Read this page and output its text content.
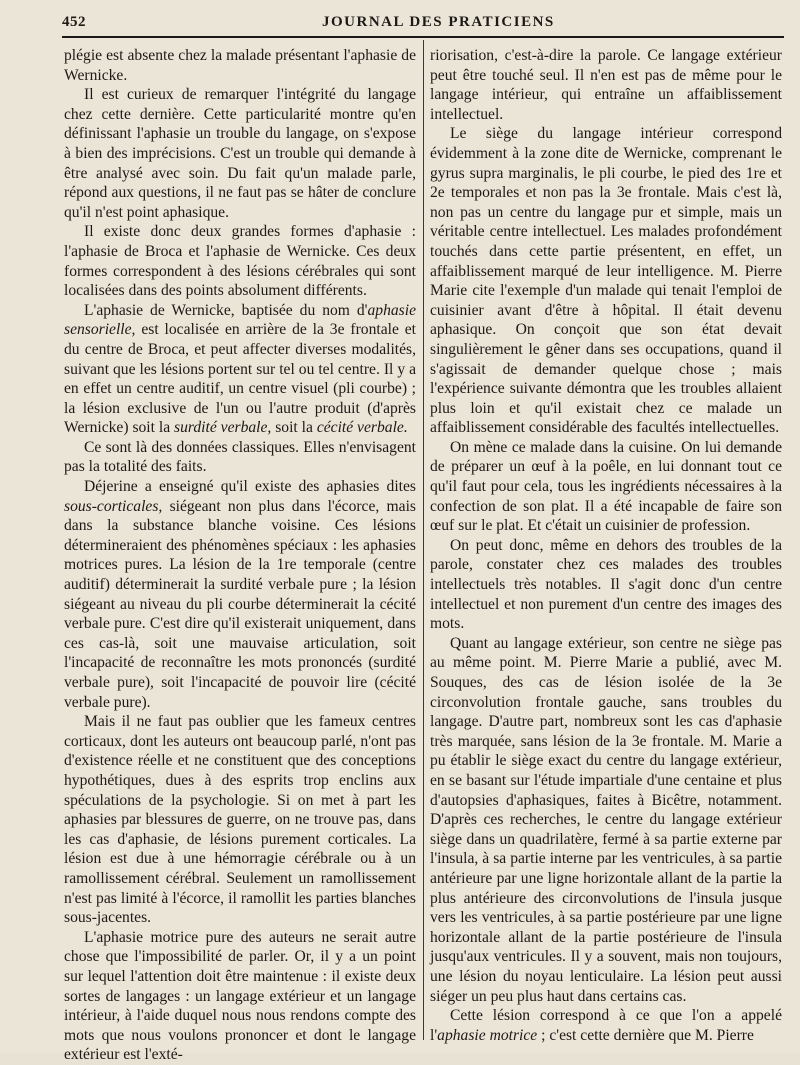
452	JOURNAL DES PRATICIENS

plégie est absente chez la malade présentant l'aphasie de Wernicke.

Il est curieux de remarquer l'intégrité du langage chez cette dernière. Cette particularité montre qu'en définissant l'aphasie un trouble du langage, on s'expose à bien des imprécisions. C'est un trouble qui demande à être analysé avec soin. Du fait qu'un malade parle, répond aux questions, il ne faut pas se hâter de conclure qu'il n'est point aphasique.

Il existe donc deux grandes formes d'aphasie : l'aphasie de Broca et l'aphasie de Wernicke. Ces deux formes correspondent à des lésions cérébrales qui sont localisées dans des points absolument différents.

L'aphasie de Wernicke, baptisée du nom d'aphasie sensorielle, est localisée en arrière de la 3e frontale et du centre de Broca, et peut affecter diverses modalités, suivant que les lésions portent sur tel ou tel centre. Il y a en effet un centre auditif, un centre visuel (pli courbe) ; la lésion exclusive de l'un ou l'autre produit (d'après Wernicke) soit la surdité verbale, soit la cécité verbale.

Ce sont là des données classiques. Elles n'envisagent pas la totalité des faits.

Déjerine a enseigné qu'il existe des aphasies dites sous-corticales, siégeant non plus dans l'écorce, mais dans la substance blanche voisine. Ces lésions détermineraient des phénomènes spéciaux : les aphasies motrices pures. La lésion de la 1re temporale (centre auditif) déterminerait la surdité verbale pure ; la lésion siégeant au niveau du pli courbe déterminerait la cécité verbale pure. C'est dire qu'il existerait uniquement, dans ces cas-là, soit une mauvaise articulation, soit l'incapacité de reconnaître les mots prononcés (surdité verbale pure), soit l'incapacité de pouvoir lire (cécité verbale pure).

Mais il ne faut pas oublier que les fameux centres corticaux, dont les auteurs ont beaucoup parlé, n'ont pas d'existence réelle et ne constituent que des conceptions hypothétiques, dues à des esprits trop enclins aux spéculations de la psychologie. Si on met à part les aphasies par blessures de guerre, on ne trouve pas, dans les cas d'aphasie, de lésions purement corticales. La lésion est due à une hémorragie cérébrale ou à un ramollissement cérébral. Seulement un ramollissement n'est pas limité à l'écorce, il ramollit les parties blanches sous-jacentes.

L'aphasie motrice pure des auteurs ne serait autre chose que l'impossibilité de parler. Or, il y a un point sur lequel l'attention doit être maintenue : il existe deux sortes de langages : un langage extérieur et un langage intérieur, à l'aide duquel nous nous rendons compte des mots que nous voulons prononcer et dont le langage extérieur est l'exté-

riorisation, c'est-à-dire la parole. Ce langage extérieur peut être touché seul. Il n'en est pas de même pour le langage intérieur, qui entraîne un affaiblissement intellectuel.

Le siège du langage intérieur correspond évidemment à la zone dite de Wernicke, comprenant le gyrus supra marginalis, le pli courbe, le pied des 1re et 2e temporales et non pas la 3e frontale. Mais c'est là, non pas un centre du langage pur et simple, mais un véritable centre intellectuel. Les malades profondément touchés dans cette partie présentent, en effet, un affaiblissement marqué de leur intelligence. M. Pierre Marie cite l'exemple d'un malade qui tenait l'emploi de cuisinier avant d'être à hôpital. Il était devenu aphasique. On conçoit que son état devait singulièrement le gêner dans ses occupations, quand il s'agissait de demander quelque chose ; mais l'expérience suivante démontra que les troubles allaient plus loin et qu'il existait chez ce malade un affaiblissement considérable des facultés intellectuelles.

On mène ce malade dans la cuisine. On lui demande de préparer un œuf à la poêle, en lui donnant tout ce qu'il faut pour cela, tous les ingrédients nécessaires à la confection de son plat. Il a été incapable de faire son œuf sur le plat. Et c'était un cuisinier de profession.

On peut donc, même en dehors des troubles de la parole, constater chez ces malades des troubles intellectuels très notables. Il s'agit donc d'un centre intellectuel et non purement d'un centre des images des mots.

Quant au langage extérieur, son centre ne siège pas au même point. M. Pierre Marie a publié, avec M. Souques, des cas de lésion isolée de la 3e circonvolution frontale gauche, sans troubles du langage. D'autre part, nombreux sont les cas d'aphasie très marquée, sans lésion de la 3e frontale. M. Marie a pu établir le siège exact du centre du langage extérieur, en se basant sur l'étude impartiale d'une centaine et plus d'autopsies d'aphasiques, faites à Bicêtre, notamment. D'après ces recherches, le centre du langage extérieur siège dans un quadrilatère, fermé à sa partie externe par l'insula, à sa partie interne par les ventricules, à sa partie antérieure par une ligne horizontale allant de la partie la plus antérieure des circonvolutions de l'insula jusque vers les ventricules, à sa partie postérieure par une ligne horizontale allant de la partie postérieure de l'insula jusqu'aux ventricules. Il y a souvent, mais non toujours, une lésion du noyau lenticulaire. La lésion peut aussi siéger un peu plus haut dans certains cas.

Cette lésion correspond à ce que l'on a appelé l'aphasie motrice ; c'est cette dernière que M. Pierre
